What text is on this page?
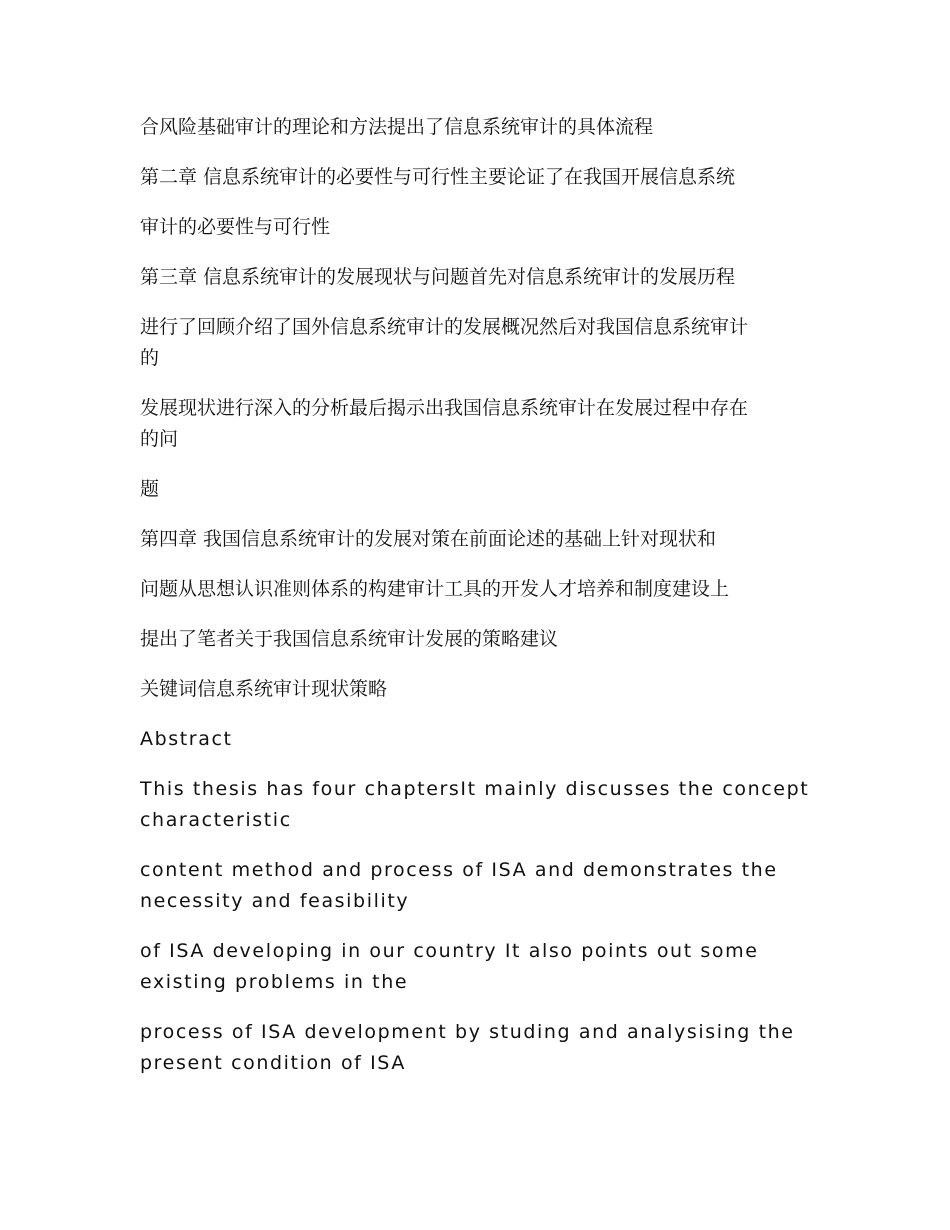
合风险基础审计的理论和方法提出了信息系统审计的具体流程
第二章 信息系统审计的必要性与可行性主要论证了在我国开展信息系统
审计的必要性与可行性
第三章 信息系统审计的发展现状与问题首先对信息系统审计的发展历程
进行了回顾介绍了国外信息系统审计的发展概况然后对我国信息系统审计
的
发展现状进行深入的分析最后揭示出我国信息系统审计在发展过程中存在
的问
题
第四章 我国信息系统审计的发展对策在前面论述的基础上针对现状和
问题从思想认识准则体系的构建审计工具的开发人才培养和制度建设上
提出了笔者关于我国信息系统审计发展的策略建议
关键词信息系统审计现状策略
Abstract
This thesis has four chaptersIt mainly discusses the concept
characteristic
content method and process of ISA and demonstrates the
necessity and feasibility
of ISA developing in our country It also points out some
existing problems in the
process of ISA development by studing and analysising the
present condition of ISA
